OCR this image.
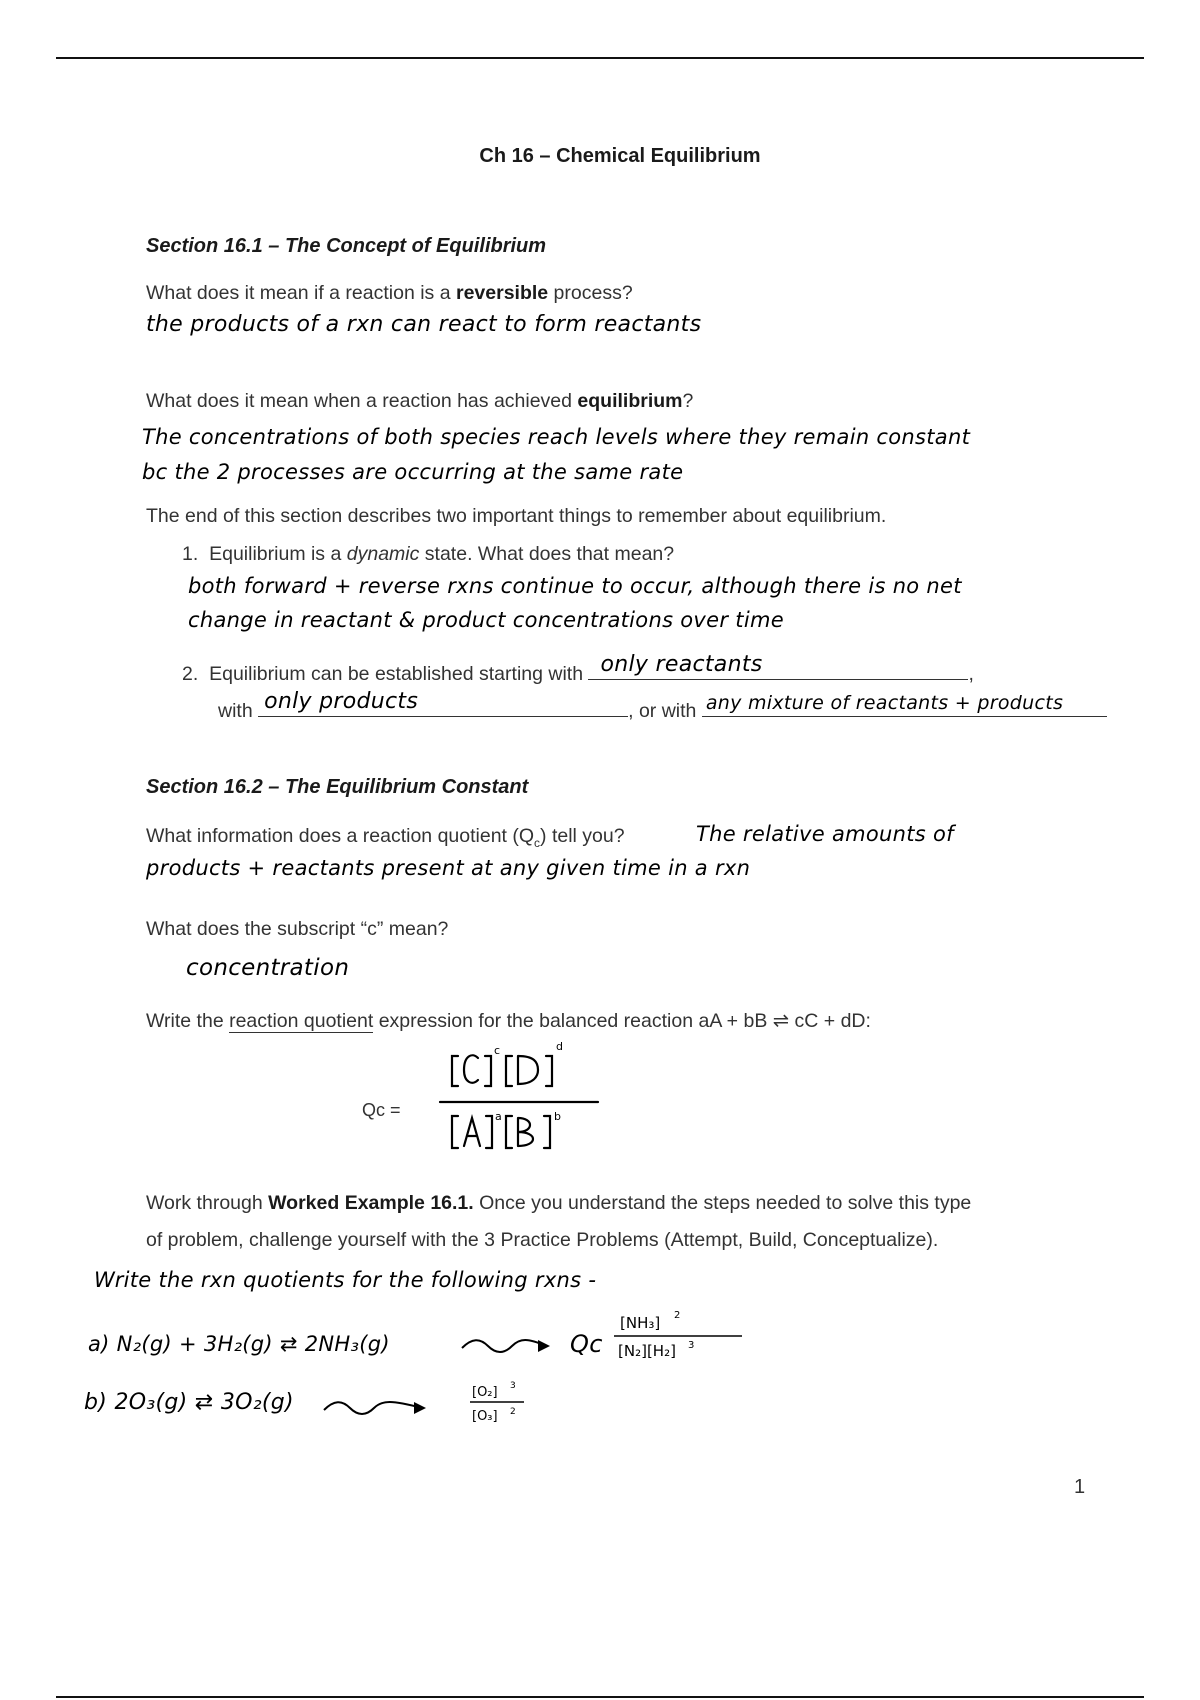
Ch 16 – Chemical Equilibrium
Section 16.1 – The Concept of Equilibrium
What does it mean if a reaction is a reversible process?
the products of a rxn can react to form reactants
What does it mean when a reaction has achieved equilibrium?
The concentrations of both species reach levels where they remain constant
bc the 2 processes are occurring at the same rate
The end of this section describes two important things to remember about equilibrium.
1. Equilibrium is a dynamic state. What does that mean?
both forward + reverse rxns continue to occur, although there is no net
change in reactant & product concentrations over time
2. Equilibrium can be established starting with only reactants	,
with only products	, or with any mixture of reactants + products
Section 16.2 – The Equilibrium Constant
What information does a reaction quotient $(Q_c)$ tell you?	The relative amounts of
products + reactants present at any given time in a rxn
What does the subscript “c” mean?
concentration
Write the reaction quotient expression for the balanced reaction aA + bB ⇌ cC + dD:
Qc =
c	d
a	b
Work through Worked Example 16.1. Once you understand the steps needed to solve this type
of problem, challenge yourself with the 3 Practice Problems (Attempt, Build, Conceptualize).
Write the rxn quotients for the following rxns -
a) N₂(g) + 3H₂(g) ⇄ 2NH₃(g)	Qc
[NH₃] 2
[N₂][H₂] 3
b) 2O₃(g) ⇄ 3O₂(g)	[O₂] 3
[O₃] 2
1
